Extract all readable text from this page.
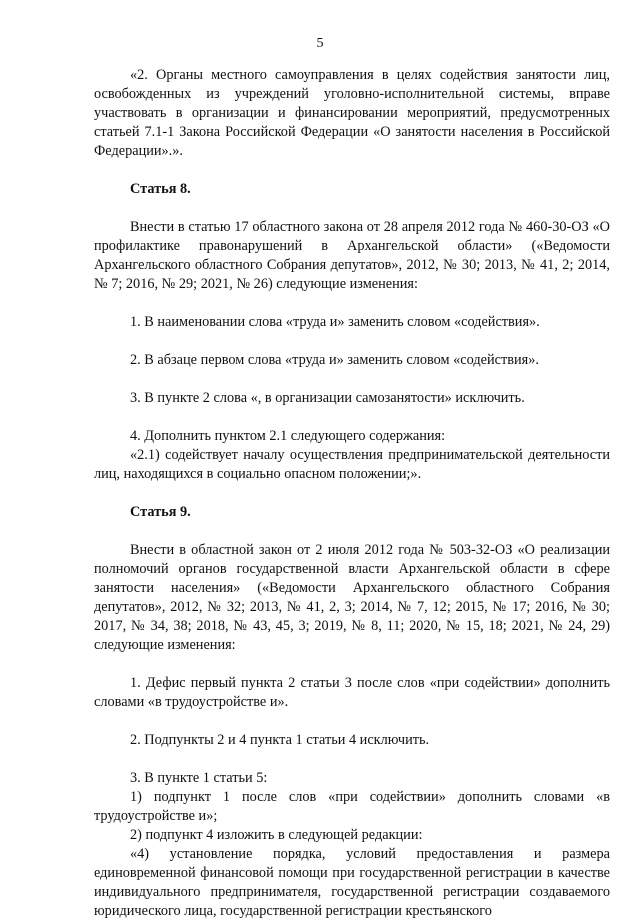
5

«2. Органы местного самоуправления в целях содействия занятости лиц, освобожденных из учреждений уголовно-исполнительной системы, вправе участвовать в организации и финансировании мероприятий, предусмотренных статьей 7.1-1 Закона Российской Федерации «О занятости населения в Российской Федерации».».

Статья 8.

Внести в статью 17 областного закона от 28 апреля 2012 года № 460-30-ОЗ «О профилактике правонарушений в Архангельской области» («Ведомости Архангельского областного Собрания депутатов», 2012, № 30; 2013, № 41, 2; 2014, № 7; 2016, № 29; 2021, № 26) следующие изменения:

1. В наименовании слова «труда и» заменить словом «содействия».

2. В абзаце первом слова «труда и» заменить словом «содействия».

3. В пункте 2 слова «, в организации самозанятости» исключить.

4. Дополнить пунктом 2.1 следующего содержания:

«2.1) содействует началу осуществления предпринимательской деятельности лиц, находящихся в социально опасном положении;».

Статья 9.

Внести в областной закон от 2 июля 2012 года № 503-32-ОЗ «О реализации полномочий органов государственной власти Архангельской области в сфере занятости населения» («Ведомости Архангельского областного Собрания депутатов», 2012, № 32; 2013, № 41, 2, 3; 2014, № 7, 12; 2015, № 17; 2016, № 30; 2017, № 34, 38; 2018, № 43, 45, 3; 2019, № 8, 11; 2020, № 15, 18; 2021, № 24, 29) следующие изменения:

1. Дефис первый пункта 2 статьи 3 после слов «при содействии» дополнить словами «в трудоустройстве и».

2. Подпункты 2 и 4 пункта 1 статьи 4 исключить.

3. В пункте 1 статьи 5:

1) подпункт 1 после слов «при содействии» дополнить словами «в трудоустройстве и»;

2) подпункт 4 изложить в следующей редакции:

«4) установление порядка, условий предоставления и размера единовременной финансовой помощи при государственной регистрации в качестве индивидуального предпринимателя, государственной регистрации создаваемого юридического лица, государственной регистрации крестьянского
